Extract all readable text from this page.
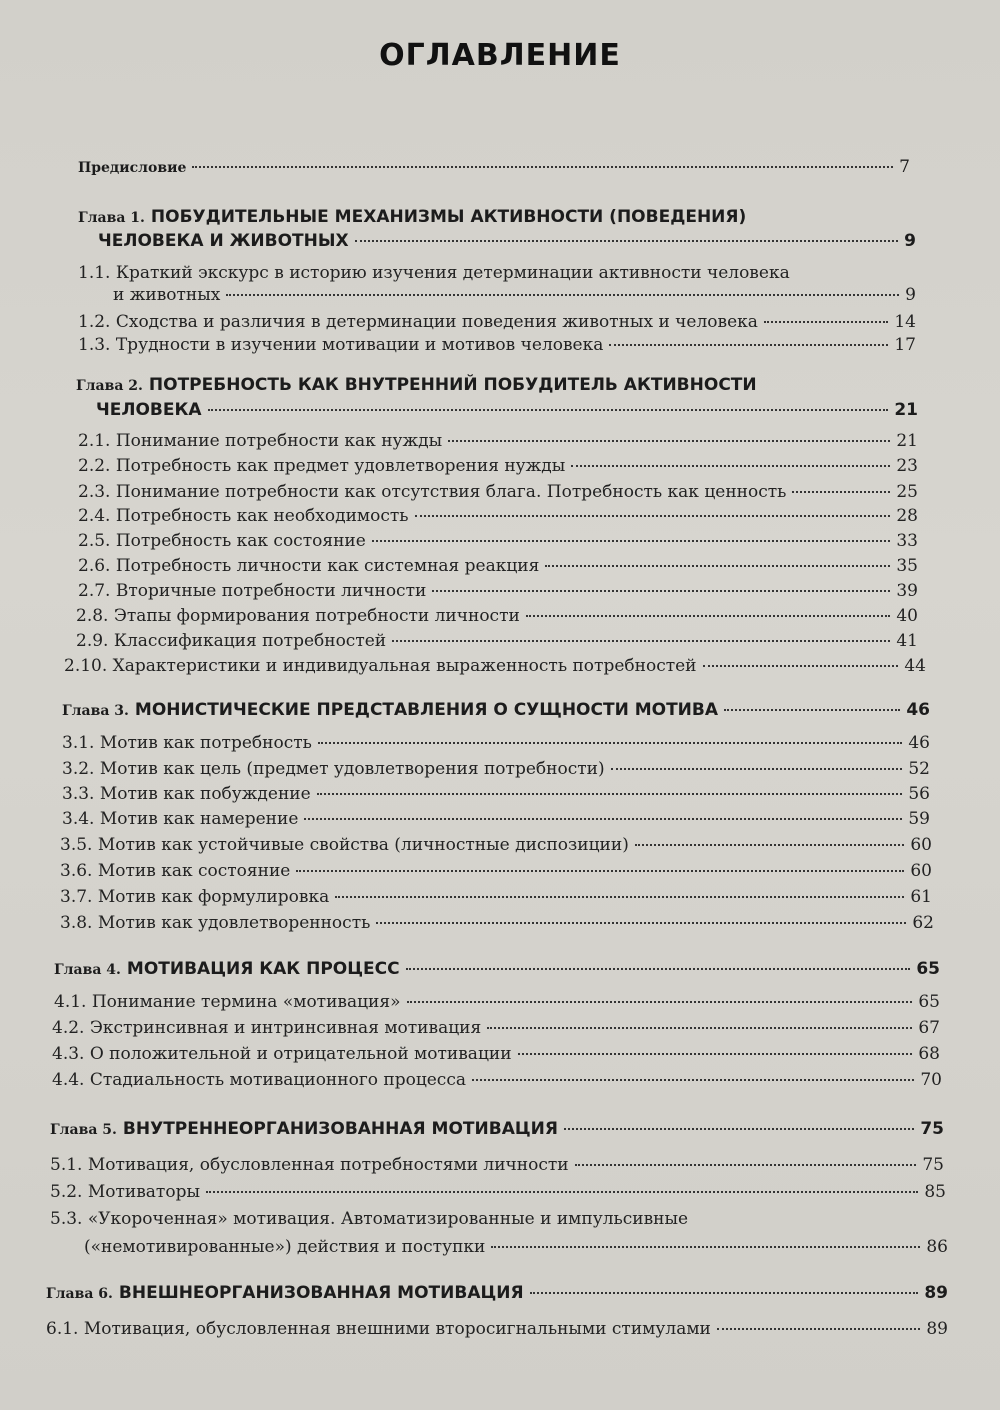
ОГЛАВЛЕНИЕ
Предисловие	7
Глава 1. ПОБУДИТЕЛЬНЫЕ МЕХАНИЗМЫ АКТИВНОСТИ (ПОВЕДЕНИЯ)
ЧЕЛОВЕКА И ЖИВОТНЫХ	9
1.1. Краткий экскурс в историю изучения детерминации активности человека
и животных	9
1.2. Сходства и различия в детерминации поведения животных и человека	14
1.3. Трудности в изучении мотивации и мотивов человека	17
Глава 2. ПОТРЕБНОСТЬ КАК ВНУТРЕННИЙ ПОБУДИТЕЛЬ АКТИВНОСТИ
ЧЕЛОВЕКА	21
2.1. Понимание потребности как нужды	21
2.2. Потребность как предмет удовлетворения нужды	23
2.3. Понимание потребности как отсутствия блага. Потребность как ценность	25
2.4. Потребность как необходимость	28
2.5. Потребность как состояние	33
2.6. Потребность личности как системная реакция	35
2.7. Вторичные потребности личности	39
2.8. Этапы формирования потребности личности	40
2.9. Классификация потребностей	41
2.10. Характеристики и индивидуальная выраженность потребностей	44
Глава 3. МОНИСТИЧЕСКИЕ ПРЕДСТАВЛЕНИЯ О СУЩНОСТИ МОТИВА	46
3.1. Мотив как потребность	46
3.2. Мотив как цель (предмет удовлетворения потребности)	52
3.3. Мотив как побуждение	56
3.4. Мотив как намерение	59
3.5. Мотив как устойчивые свойства (личностные диспозиции)	60
3.6. Мотив как состояние	60
3.7. Мотив как формулировка	61
3.8. Мотив как удовлетворенность	62
Глава 4. МОТИВАЦИЯ КАК ПРОЦЕСС	65
4.1. Понимание термина «мотивация»	65
4.2. Экстринсивная и интринсивная мотивация	67
4.3. О положительной и отрицательной мотивации	68
4.4. Стадиальность мотивационного процесса	70
Глава 5. ВНУТРЕННЕОРГАНИЗОВАННАЯ МОТИВАЦИЯ	75
5.1. Мотивация, обусловленная потребностями личности	75
5.2. Мотиваторы	85
5.3. «Укороченная» мотивация. Автоматизированные и импульсивные
(«немотивированные») действия и поступки	86
Глава 6. ВНЕШНЕОРГАНИЗОВАННАЯ МОТИВАЦИЯ	89
6.1. Мотивация, обусловленная внешними второсигнальными стимулами	89
